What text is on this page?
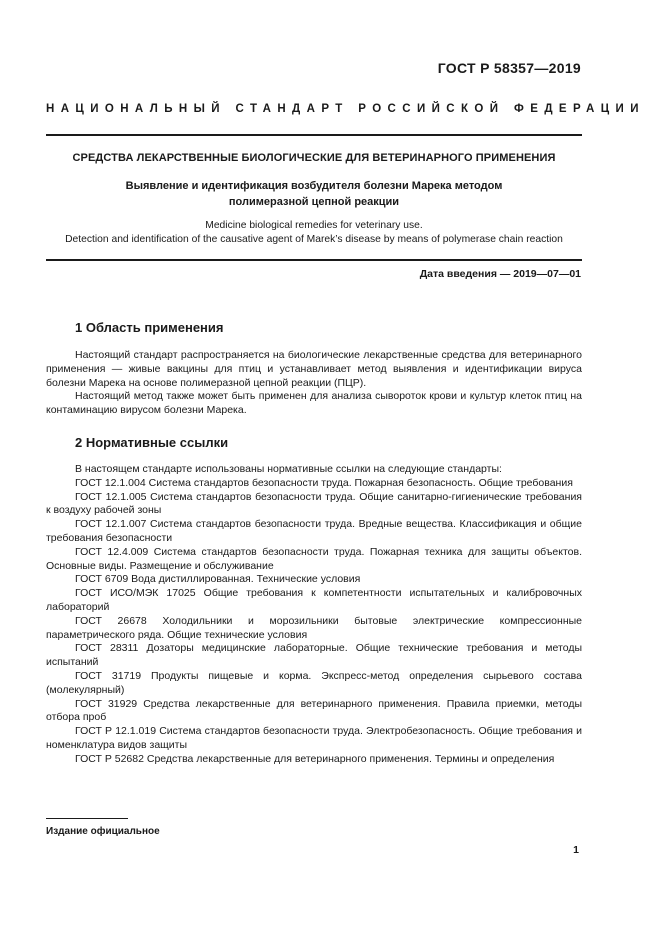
ГОСТ Р 58357—2019
НАЦИОНАЛЬНЫЙ СТАНДАРТ РОССИЙСКОЙ ФЕДЕРАЦИИ
СРЕДСТВА ЛЕКАРСТВЕННЫЕ БИОЛОГИЧЕСКИЕ ДЛЯ ВЕТЕРИНАРНОГО ПРИМЕНЕНИЯ
Выявление и идентификация возбудителя болезни Марека методом
полимеразной цепной реакции
Medicine biological remedies for veterinary use.
Detection and identification of the causative agent of Marek’s disease by means of polymerase chain reaction
Дата введения — 2019—07—01
1 Область применения

Настоящий стандарт распространяется на биологические лекарственные средства для ветеринарного применения — живые вакцины для птиц и устанавливает метод выявления и идентификации вируса болезни Марека на основе полимеразной цепной реакции (ПЦР).

Настоящий метод также может быть применен для анализа сывороток крови и культур клеток птиц на контаминацию вирусом болезни Марека.

2 Нормативные ссылки

В настоящем стандарте использованы нормативные ссылки на следующие стандарты:

ГОСТ 12.1.004 Система стандартов безопасности труда. Пожарная безопасность. Общие требования

ГОСТ 12.1.005 Система стандартов безопасности труда. Общие санитарно-гигиенические требования к воздуху рабочей зоны

ГОСТ 12.1.007 Система стандартов безопасности труда. Вредные вещества. Классификация и общие требования безопасности

ГОСТ 12.4.009 Система стандартов безопасности труда. Пожарная техника для защиты объектов. Основные виды. Размещение и обслуживание

ГОСТ 6709 Вода дистиллированная. Технические условия

ГОСТ ИСО/МЭК 17025 Общие требования к компетентности испытательных и калибровочных лабораторий

ГОСТ 26678 Холодильники и морозильники бытовые электрические компрессионные параметрического ряда. Общие технические условия

ГОСТ 28311 Дозаторы медицинские лабораторные. Общие технические требования и методы испытаний

ГОСТ 31719 Продукты пищевые и корма. Экспресс-метод определения сырьевого состава (молекулярный)

ГОСТ 31929 Средства лекарственные для ветеринарного применения. Правила приемки, методы отбора проб

ГОСТ Р 12.1.019 Система стандартов безопасности труда. Электробезопасность. Общие требования и номенклатура видов защиты

ГОСТ Р 52682 Средства лекарственные для ветеринарного применения. Термины и определения

Издание официальное
1
